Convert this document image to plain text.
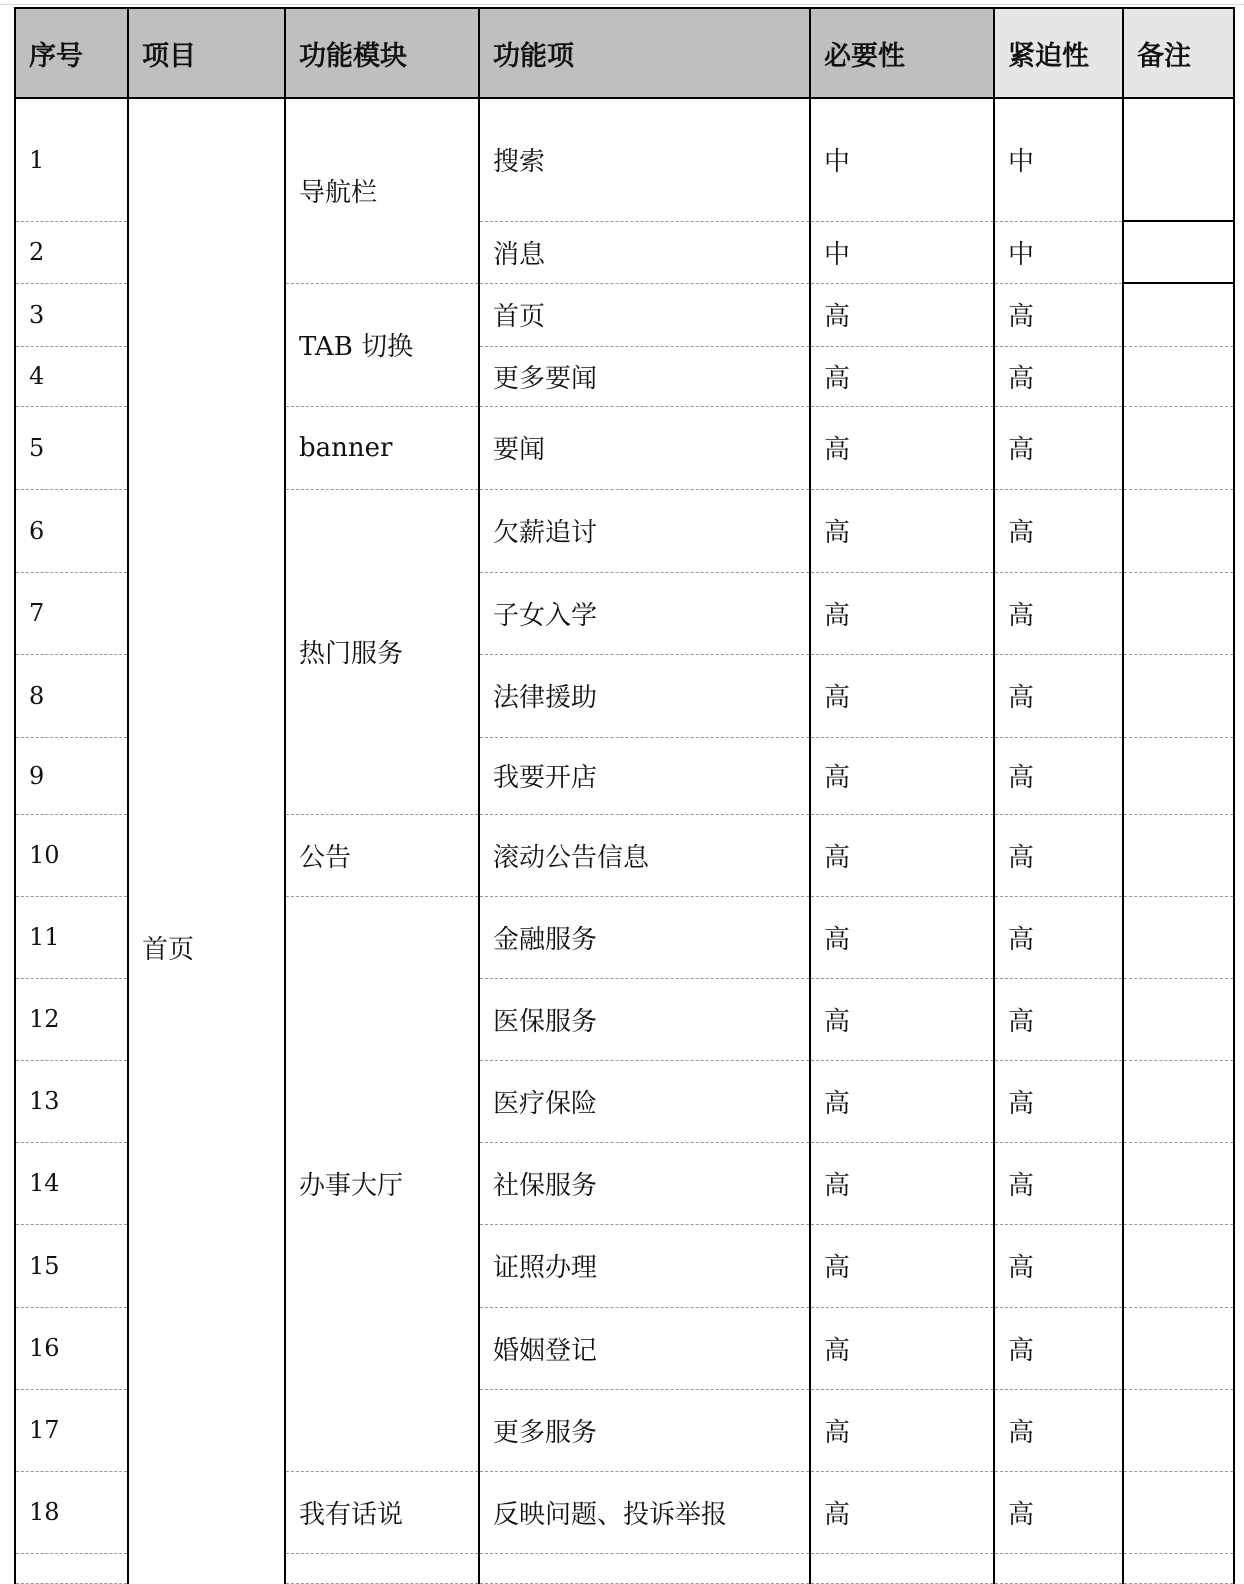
序号	项目	功能模块	功能项	必要性	紧迫性	备注
1	首页	导航栏	搜索	中	中	
2			消息	中	中	
3		TAB 切换	首页	高	高	
4			更多要闻	高	高	
5		banner	要闻	高	高	
6		热门服务	欠薪追讨	高	高	
7			子女入学	高	高	
8			法律援助	高	高	
9			我要开店	高	高	
10		公告	滚动公告信息	高	高	
11		办事大厅	金融服务	高	高	
12			医保服务	高	高	
13			医疗保险	高	高	
14			社保服务	高	高	
15			证照办理	高	高	
16			婚姻登记	高	高	
17			更多服务	高	高	
18		我有话说	反映问题、投诉举报	高	高	
